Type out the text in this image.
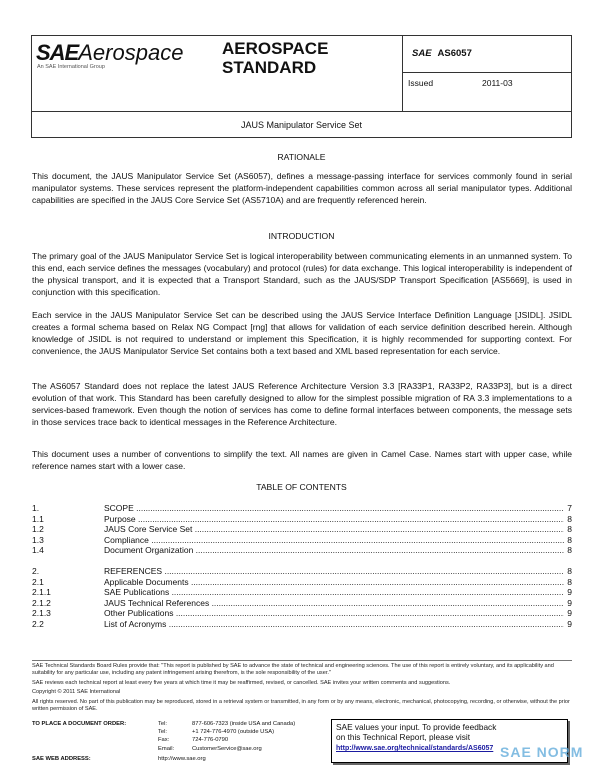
SAEAerospace
An SAE International Group
AEROSPACE
STANDARD
SAE AS6057
Issued	2011-03
JAUS Manipulator Service Set
RATIONALE
This document, the JAUS Manipulator Service Set (AS6057), defines a message-passing interface for services commonly found in serial manipulator systems. These services represent the platform-independent capabilities common across all serial manipulator types. Additional capabilities are specified in the JAUS Core Service Set (AS5710A) and are frequently referenced herein.
INTRODUCTION
The primary goal of the JAUS Manipulator Service Set is logical interoperability between communicating elements in an unmanned system. To this end, each service defines the messages (vocabulary) and protocol (rules) for data exchange. This logical interoperability is independent of the physical transport, and it is expected that a Transport Standard, such as the JAUS/SDP Transport Specification [AS5669], is used in conjunction with this specification.
Each service in the JAUS Manipulator Service Set can be described using the JAUS Service Interface Definition Language [JSIDL]. JSIDL creates a formal schema based on Relax NG Compact [rng] that allows for validation of each service definition described herein. Although knowledge of JSIDL is not required to understand or implement this Specification, it is highly recommended for supporting context. For convenience, the JAUS Manipulator Service Set contains both a text based and XML based representation for each service.
The AS6057 Standard does not replace the latest JAUS Reference Architecture Version 3.3 [RA33P1, RA33P2, RA33P3], but is a direct evolution of that work. This Standard has been carefully designed to allow for the simplest possible migration of RA 3.3 implementations to a services-based framework. Even though the notion of services has come to define formal interfaces between components, the message sets in those services trace back to identical messages in the Reference Architecture.
This document uses a number of conventions to simplify the text. All names are given in Camel Case. Names start with upper case, while reference names start with a lower case.
TABLE OF CONTENTS
1.	SCOPE .....	7
1.1	Purpose .....	8
1.2	JAUS Core Service Set .....	8
1.3	Compliance .....	8
1.4	Document Organization .....	8
2.	REFERENCES .....	8
2.1	Applicable Documents .....	8
2.1.1	SAE Publications .....	9
2.1.2	JAUS Technical References .....	9
2.1.3	Other Publications .....	9
2.2	List of Acronyms .....	9
SAE Technical Standards Board Rules provide that: "This report is published by SAE to advance the state of technical and engineering sciences. The use of this report is entirely voluntary, and its applicability and suitability for any particular use, including any patent infringement arising therefrom, is the sole responsibility of the user."
SAE reviews each technical report at least every five years at which time it may be reaffirmed, revised, or cancelled. SAE invites your written comments and suggestions.
Copyright © 2011 SAE International
All rights reserved. No part of this publication may be reproduced, stored in a retrieval system or transmitted, in any form or by any means, electronic, mechanical, photocopying, recording, or otherwise, without the prior written permission of SAE.
TO PLACE A DOCUMENT ORDER:	Tel:	877-606-7323 (inside USA and Canada)
Tel:	+1 724-776-4970 (outside USA)
Fax:	724-776-0790
Email:	CustomerService@sae.org
SAE WEB ADDRESS:	http://www.sae.org
SAE values your input. To provide feedback
on this Technical Report, please visit
http://www.sae.org/technical/standards/AS6057 SAE NORM
